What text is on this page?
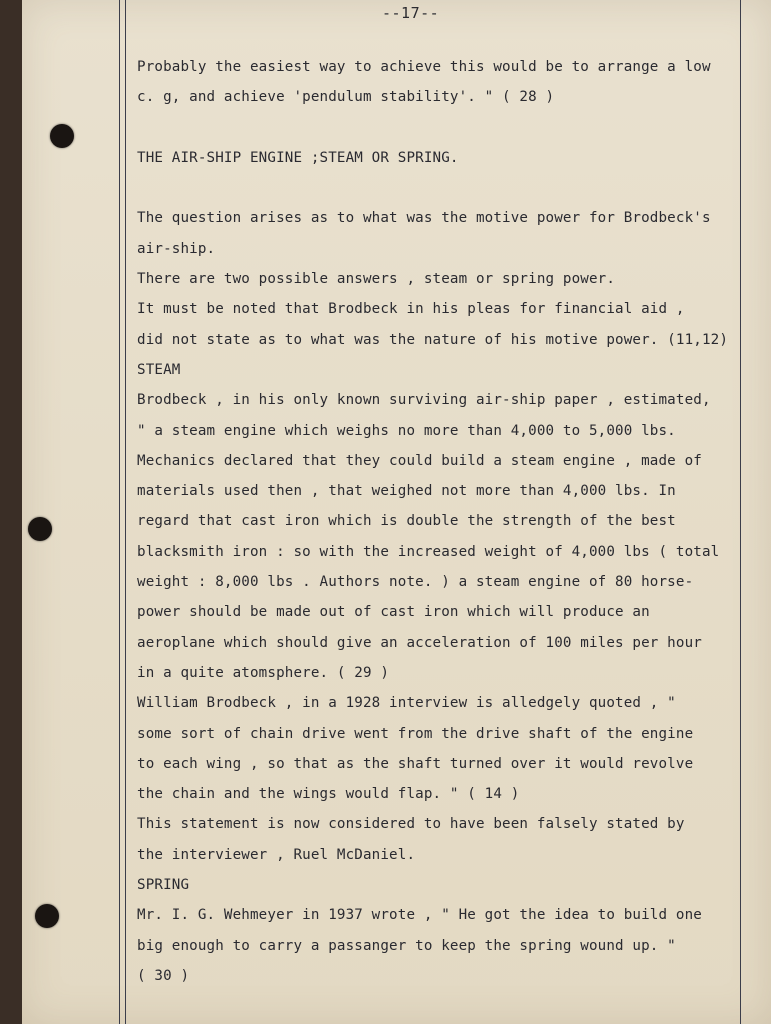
--17--
Probably the easiest way to achieve this would be to arrange a low
c. g, and achieve 'pendulum stability'. " ( 28 )
THE AIR-SHIP ENGINE ;STEAM OR SPRING.
The question arises as to what was the motive power for Brodbeck's
air-ship.
There are two possible answers , steam or spring power.
It must be noted that Brodbeck in his pleas for financial aid ,
did not state as to what was the nature of his motive power. (11,12)
STEAM
Brodbeck , in his only known surviving air-ship paper , estimated,
" a steam engine which weighs no more than 4,000 to 5,000 lbs.
Mechanics declared that they could build a steam engine , made of
materials used then , that weighed not more than 4,000 lbs. In
regard that cast iron which is double the strength of the best
blacksmith iron : so with the increased weight of 4,000 lbs ( total
weight : 8,000 lbs . Authors note. ) a steam engine of 80 horse-
power should be made out of cast iron which will produce an
aeroplane which should give an acceleration of 100 miles per hour
in a quite atomsphere. ( 29 )
William Brodbeck , in a 1928 interview is alledgely quoted , "
some sort of chain drive went from the drive shaft of the engine
to each wing , so that as the shaft turned over it would revolve
the chain and the wings would flap. " ( 14 )
This statement is now considered to have been falsely stated by
the interviewer , Ruel McDaniel.
SPRING
Mr. I. G. Wehmeyer in 1937 wrote , " He got the idea to build one
big enough to carry a passanger to keep the spring wound up. "
( 30 )
